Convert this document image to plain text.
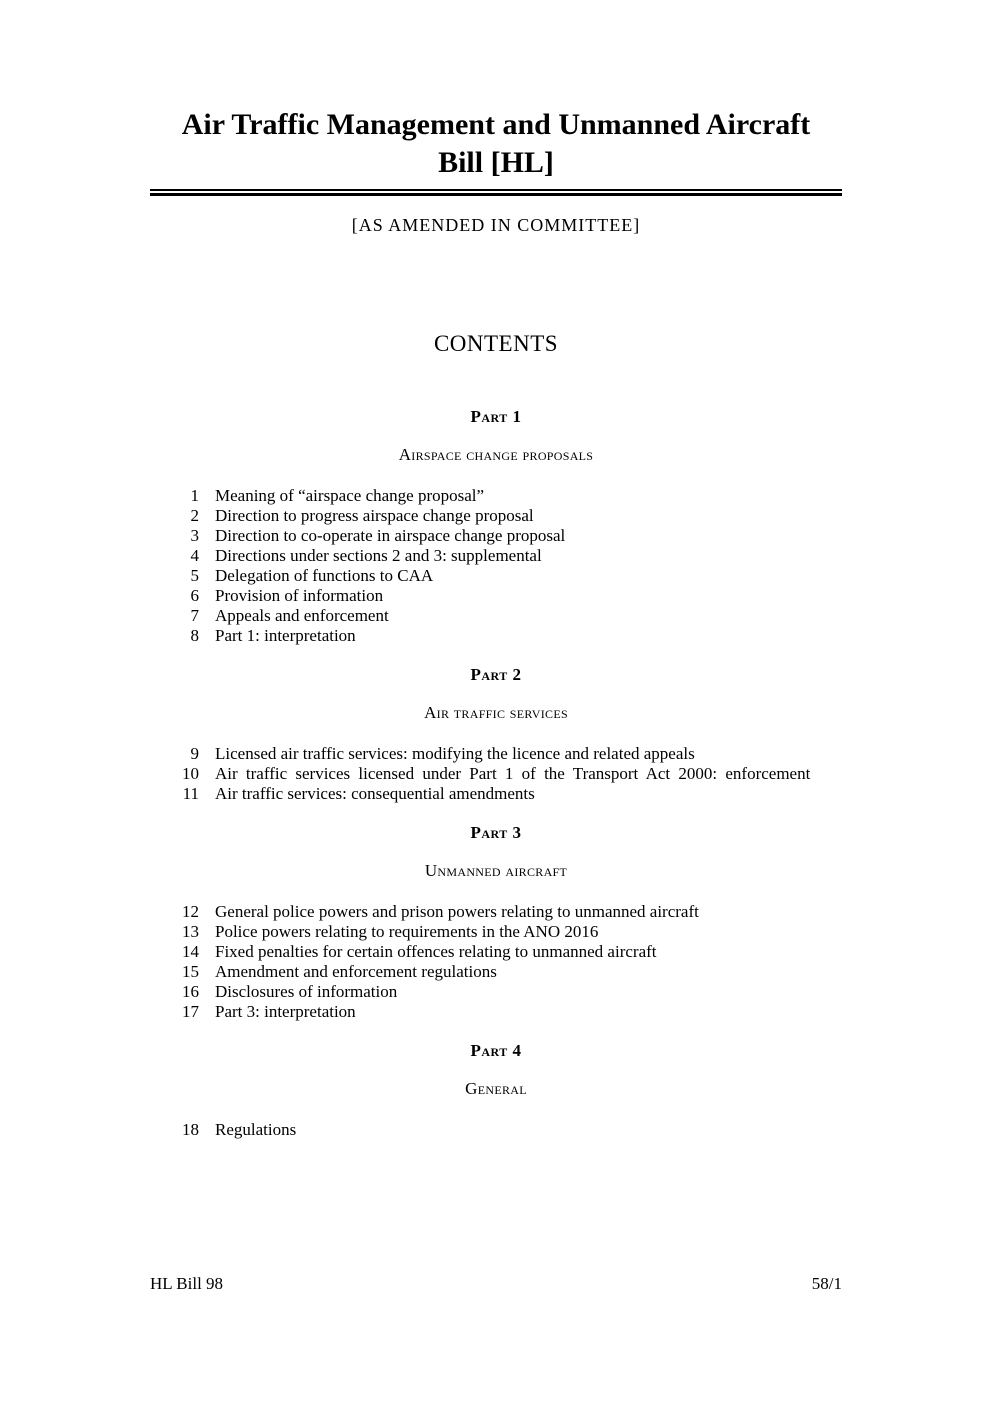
Air Traffic Management and Unmanned Aircraft
Bill [HL]
[AS AMENDED IN COMMITTEE]
CONTENTS
Part 1
Airspace change proposals
1 Meaning of “airspace change proposal”
2 Direction to progress airspace change proposal
3 Direction to co-operate in airspace change proposal
4 Directions under sections 2 and 3: supplemental
5 Delegation of functions to CAA
6 Provision of information
7 Appeals and enforcement
8 Part 1: interpretation
Part 2
Air traffic services
9 Licensed air traffic services: modifying the licence and related appeals
10 Air traffic services licensed under Part 1 of the Transport Act 2000: enforcement
11 Air traffic services: consequential amendments
Part 3
Unmanned aircraft
12 General police powers and prison powers relating to unmanned aircraft
13 Police powers relating to requirements in the ANO 2016
14 Fixed penalties for certain offences relating to unmanned aircraft
15 Amendment and enforcement regulations
16 Disclosures of information
17 Part 3: interpretation
Part 4
General
18 Regulations
HL Bill 98	58/1
